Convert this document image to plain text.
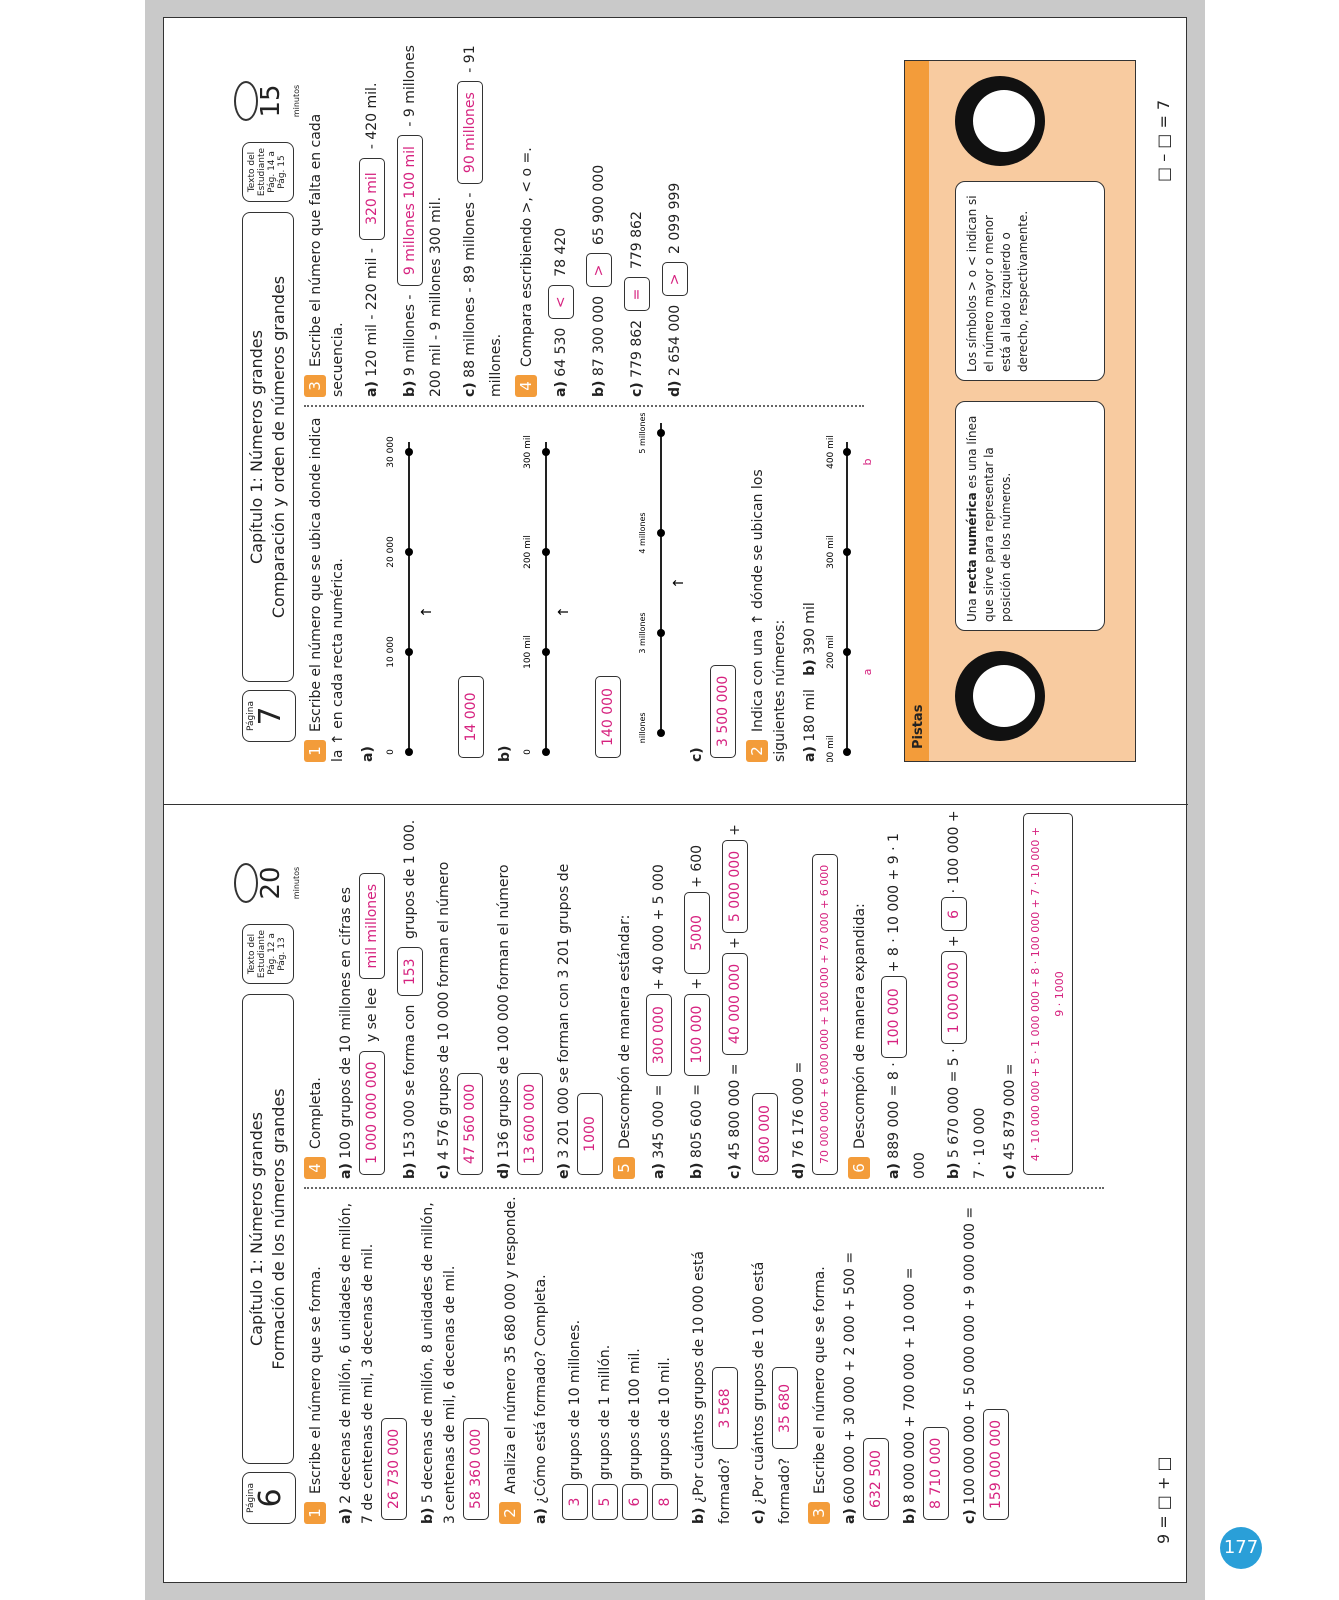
Página
6
Capítulo 1: Números grandes Formación de los números grandes
Texto del Estudiante Pág. 12 a Pág. 13
20 minutos
1Escribe el número que se forma.
a) 2 decenas de millón, 6 unidades de millón, 7 de centenas de mil, 3 decenas de mil. 26 730 000
b) 5 decenas de millón, 8 unidades de millón, 3 centenas de mil, 6 decenas de mil. 58 360 000
2Analiza el número 35 680 000 y responde.
a) ¿Cómo está formado? Completa.	3grupos de 10 millones.
5grupos de 1 millón.
6grupos de 100 mil.
8grupos de 10 mil.
b) ¿Por cuántos grupos de 10 000 está formado? 3 568
c) ¿Por cuántos grupos de 1 000 está formado? 35 680
3Escribe el número que se forma.
a) 600 000 + 30 000 + 2 000 + 500 = 632 500
b) 8 000 000 + 700 000 + 10 000 = 8 710 000
c) 100 000 000 + 50 000 000 + 9 000 000 = 159 000 000
4Completa.
a) 100 grupos de 10 millones en cifras es 1 000 000 000 y se lee mil millones
b) 153 000 se forma con 153 grupos de 1 000.
c) 4 576 grupos de 10 000 forman el número 47 560 000
d) 136 grupos de 100 000 forman el número 13 600 000
e) 3 201 000 se forman con 3 201 grupos de 1000
5Descompón de manera estándar:
a) 345 000 = 300 000+ 40 000 + 5 000
b) 805 600 = 100 000+5000+ 600
c) 45 800 000 = 40 000 000+5 000 000+800 000
d) 76 176 000 = 70 000 000 + 6 000 000 + 100 000 + 70 000 + 6 000
6Descompón de manera expandida:
a) 889 000 = 8 ·100 000+ 8 · 10 000 + 9 · 1 000	b) 5 670 000 = 5 ·1 000 000+6· 100 000 + 7 · 10 000 c) 45 879 000 = 4 · 10 000 000 + 5 · 1 000 000 + 8 · 100 000 + 7 · 10 000 + 9 · 1000
9 = □ + □
Página
7
Capítulo 1: Números grandes Comparación y orden de números grandes
Texto del Estudiante Pág. 14 a Pág. 15
15 minutos
1Escribe el número que se ubica donde indica la ↑ en cada recta numérica. a) 0
10 000
20 000
30 000
↑
14 000
b) 0
100 mil
200 mil
300 mil
↑
140 000
c)
2 millones
3 millones
4 millones
5 millones
↑
3 500 000
2Indica con una ↑ dónde se ubican los siguientes números: a) 180 mil   b) 390 mil
100 mil
200 mil
300 mil
400 mil
a
b
3Escribe el número que falta en cada secuencia.	a) 120 mil - 220 mil - 320 mil - 420 mil.
b) 9 millones - 9 millones 100 mil - 9 millones 200 mil - 9 millones 300 mil.	c) 88 millones - 89 millones - 90 millones - 91 millones. 4Compara escribiendo >, < o =.
a) 64 530 < 78 420
b) 87 300 000 > 65 900 000
c) 779 862 = 779 862
d) 2 654 000 > 2 099 999
Pistas
Una recta numérica es una línea que sirve para representar la posición de los números.
Los símbolos > o < indican si el número mayor o menor está al lado izquierdo o derecho, respectivamente.
□ – □ = 7
177
